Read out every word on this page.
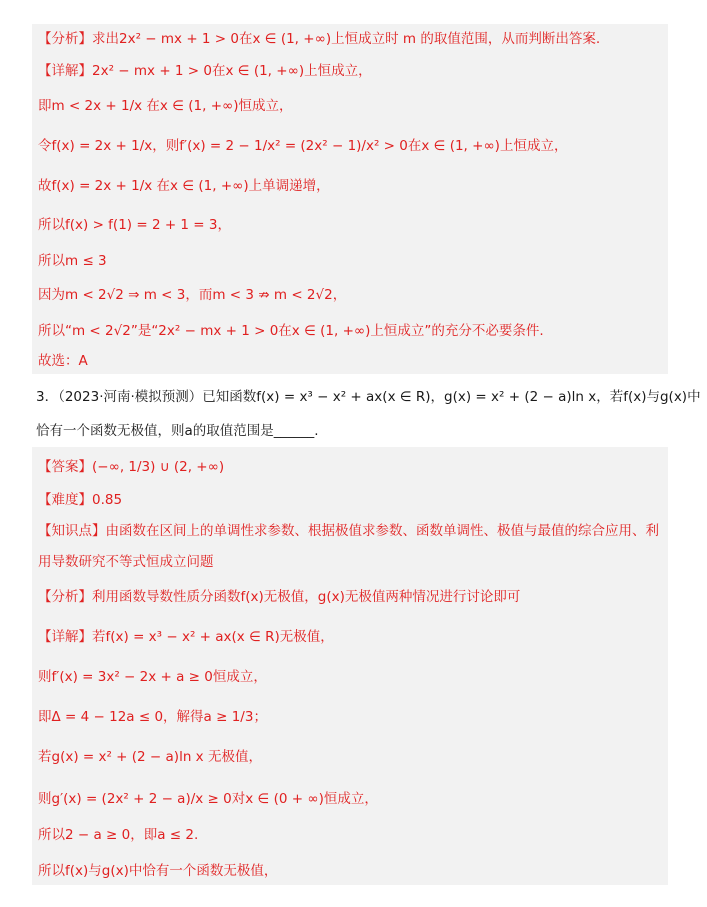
【分析】求出2x² − mx + 1 > 0在x ∈ (1, +∞)上恒成立时 m 的取值范围，从而判断出答案.
【详解】2x² − mx + 1 > 0在x ∈ (1, +∞)上恒成立，
即m < 2x + 1/x 在x ∈ (1, +∞)恒成立，
令f(x) = 2x + 1/x，则f′(x) = 2 − 1/x² = (2x² − 1)/x² > 0在x ∈ (1, +∞)上恒成立，
故f(x) = 2x + 1/x 在x ∈ (1, +∞)上单调递增，
所以f(x) > f(1) = 2 + 1 = 3，
所以m ≤ 3
因为m < 2√2 ⇒ m < 3，而m < 3 ⇏ m < 2√2，
所以“m < 2√2”是“2x² − mx + 1 > 0在x ∈ (1, +∞)上恒成立”的充分不必要条件.
故选：A
3．（2023·河南·模拟预测）已知函数f(x) = x³ − x² + ax(x ∈ R)，g(x) = x² + (2 − a)ln x，若f(x)与g(x)中
恰有一个函数无极值，则a的取值范围是______.
【答案】(−∞, 1/3) ∪ (2, +∞)
【难度】0.85
【知识点】由函数在区间上的单调性求参数、根据极值求参数、函数单调性、极值与最值的综合应用、利
用导数研究不等式恒成立问题
【分析】利用函数导数性质分函数f(x)无极值，g(x)无极值两种情况进行讨论即可
【详解】若f(x) = x³ − x² + ax(x ∈ R)无极值，
则f′(x) = 3x² − 2x + a ≥ 0恒成立，
即Δ = 4 − 12a ≤ 0，解得a ≥ 1/3；
若g(x) = x² + (2 − a)ln x 无极值，
则g′(x) = (2x² + 2 − a)/x ≥ 0对x ∈ (0 + ∞)恒成立，
所以2 − a ≥ 0，即a ≤ 2.
所以f(x)与g(x)中恰有一个函数无极值，
